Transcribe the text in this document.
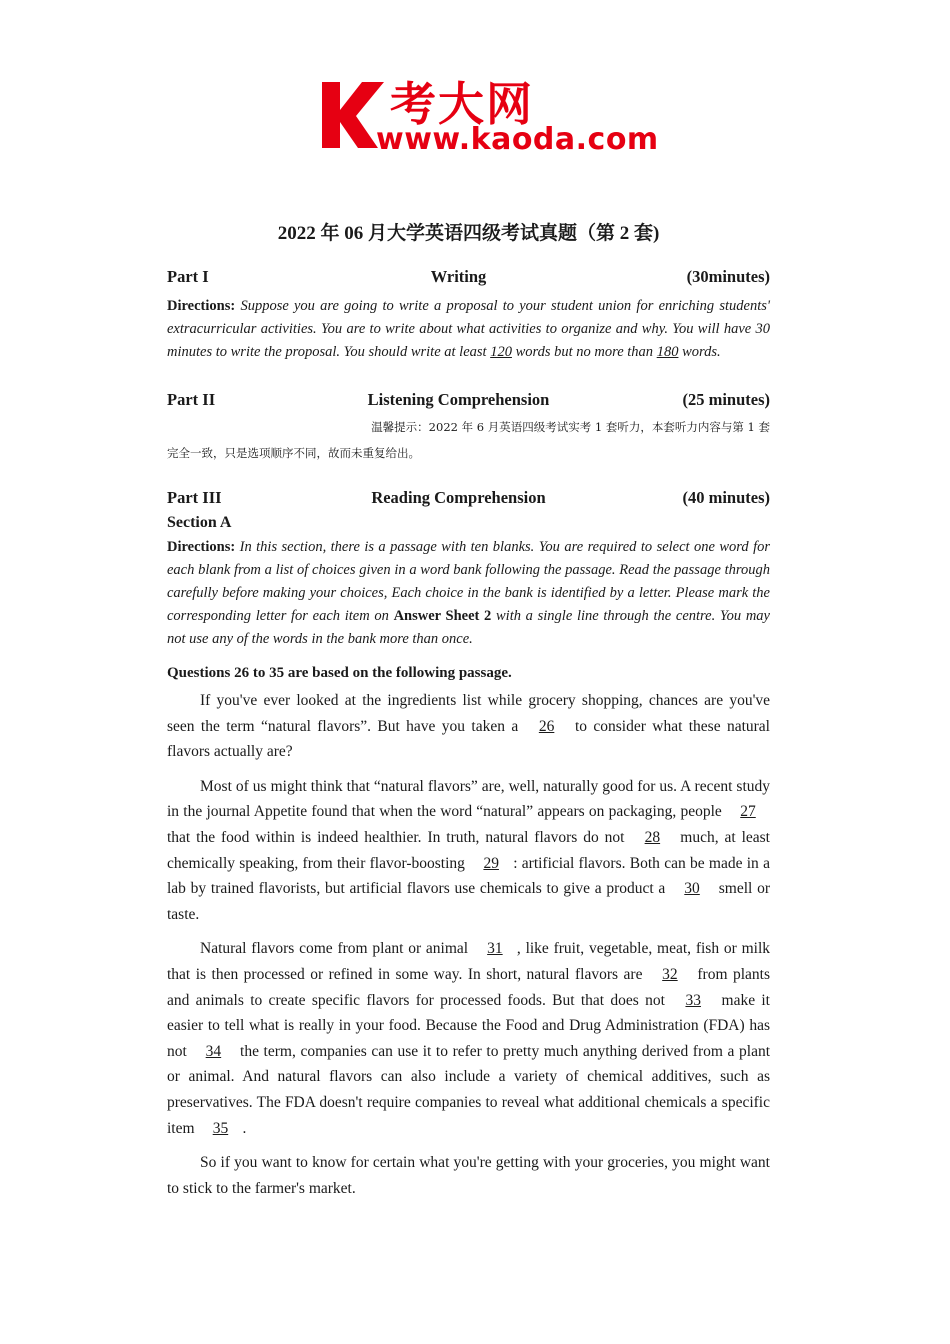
考大网
www.kaoda.com
2022 年 06 月大学英语四级考试真题（第 2 套)
Part I	Writing	(30minutes)
Directions: Suppose you are going to write a proposal to your student union for enriching students' extracurricular activities. You are to write about what activities to organize and why. You will have 30 minutes to write the proposal. You should write at least 120 words but no more than 180 words.
Part II	Listening Comprehension	(25 minutes)
温馨提示：2022 年 6 月英语四级考试实考 1 套听力，本套听力内容与第 1 套
完全一致，只是选项顺序不同，故而未重复给出。
Part III	Reading Comprehension	(40 minutes)
Section A
Directions: In this section, there is a passage with ten blanks. You are required to select one word for each blank from a list of choices given in a word bank following the passage. Read the passage through carefully before making your choices, Each choice in the bank is identified by a letter. Please mark the corresponding letter for each item on Answer Sheet 2 with a single line through the centre. You may not use any of the words in the bank more than once.
Questions 26 to 35 are based on the following passage.

If you've ever looked at the ingredients list while grocery shopping, chances are you've seen the term “natural flavors”. But have you taken a 26 to consider what these natural flavors actually are?

Most of us might think that “natural flavors” are, well, naturally good for us. A recent study in the journal Appetite found that when the word “natural” appears on packaging, people 27 that the food within is indeed healthier. In truth, natural flavors do not 28 much, at least chemically speaking, from their flavor-boosting 29 : artificial flavors. Both can be made in a lab by trained flavorists, but artificial flavors use chemicals to give a product a 30 smell or taste.

Natural flavors come from plant or animal 31 , like fruit, vegetable, meat, fish or milk that is then processed or refined in some way. In short, natural flavors are 32 from plants and animals to create specific flavors for processed foods. But that does not 33 make it easier to tell what is really in your food. Because the Food and Drug Administration (FDA) has not 34 the term, companies can use it to refer to pretty much anything derived from a plant or animal. And natural flavors can also include a variety of chemical additives, such as preservatives. The FDA doesn't require companies to reveal what additional chemicals a specific item 35 .

So if you want to know for certain what you're getting with your groceries, you might want to stick to the farmer's market.
